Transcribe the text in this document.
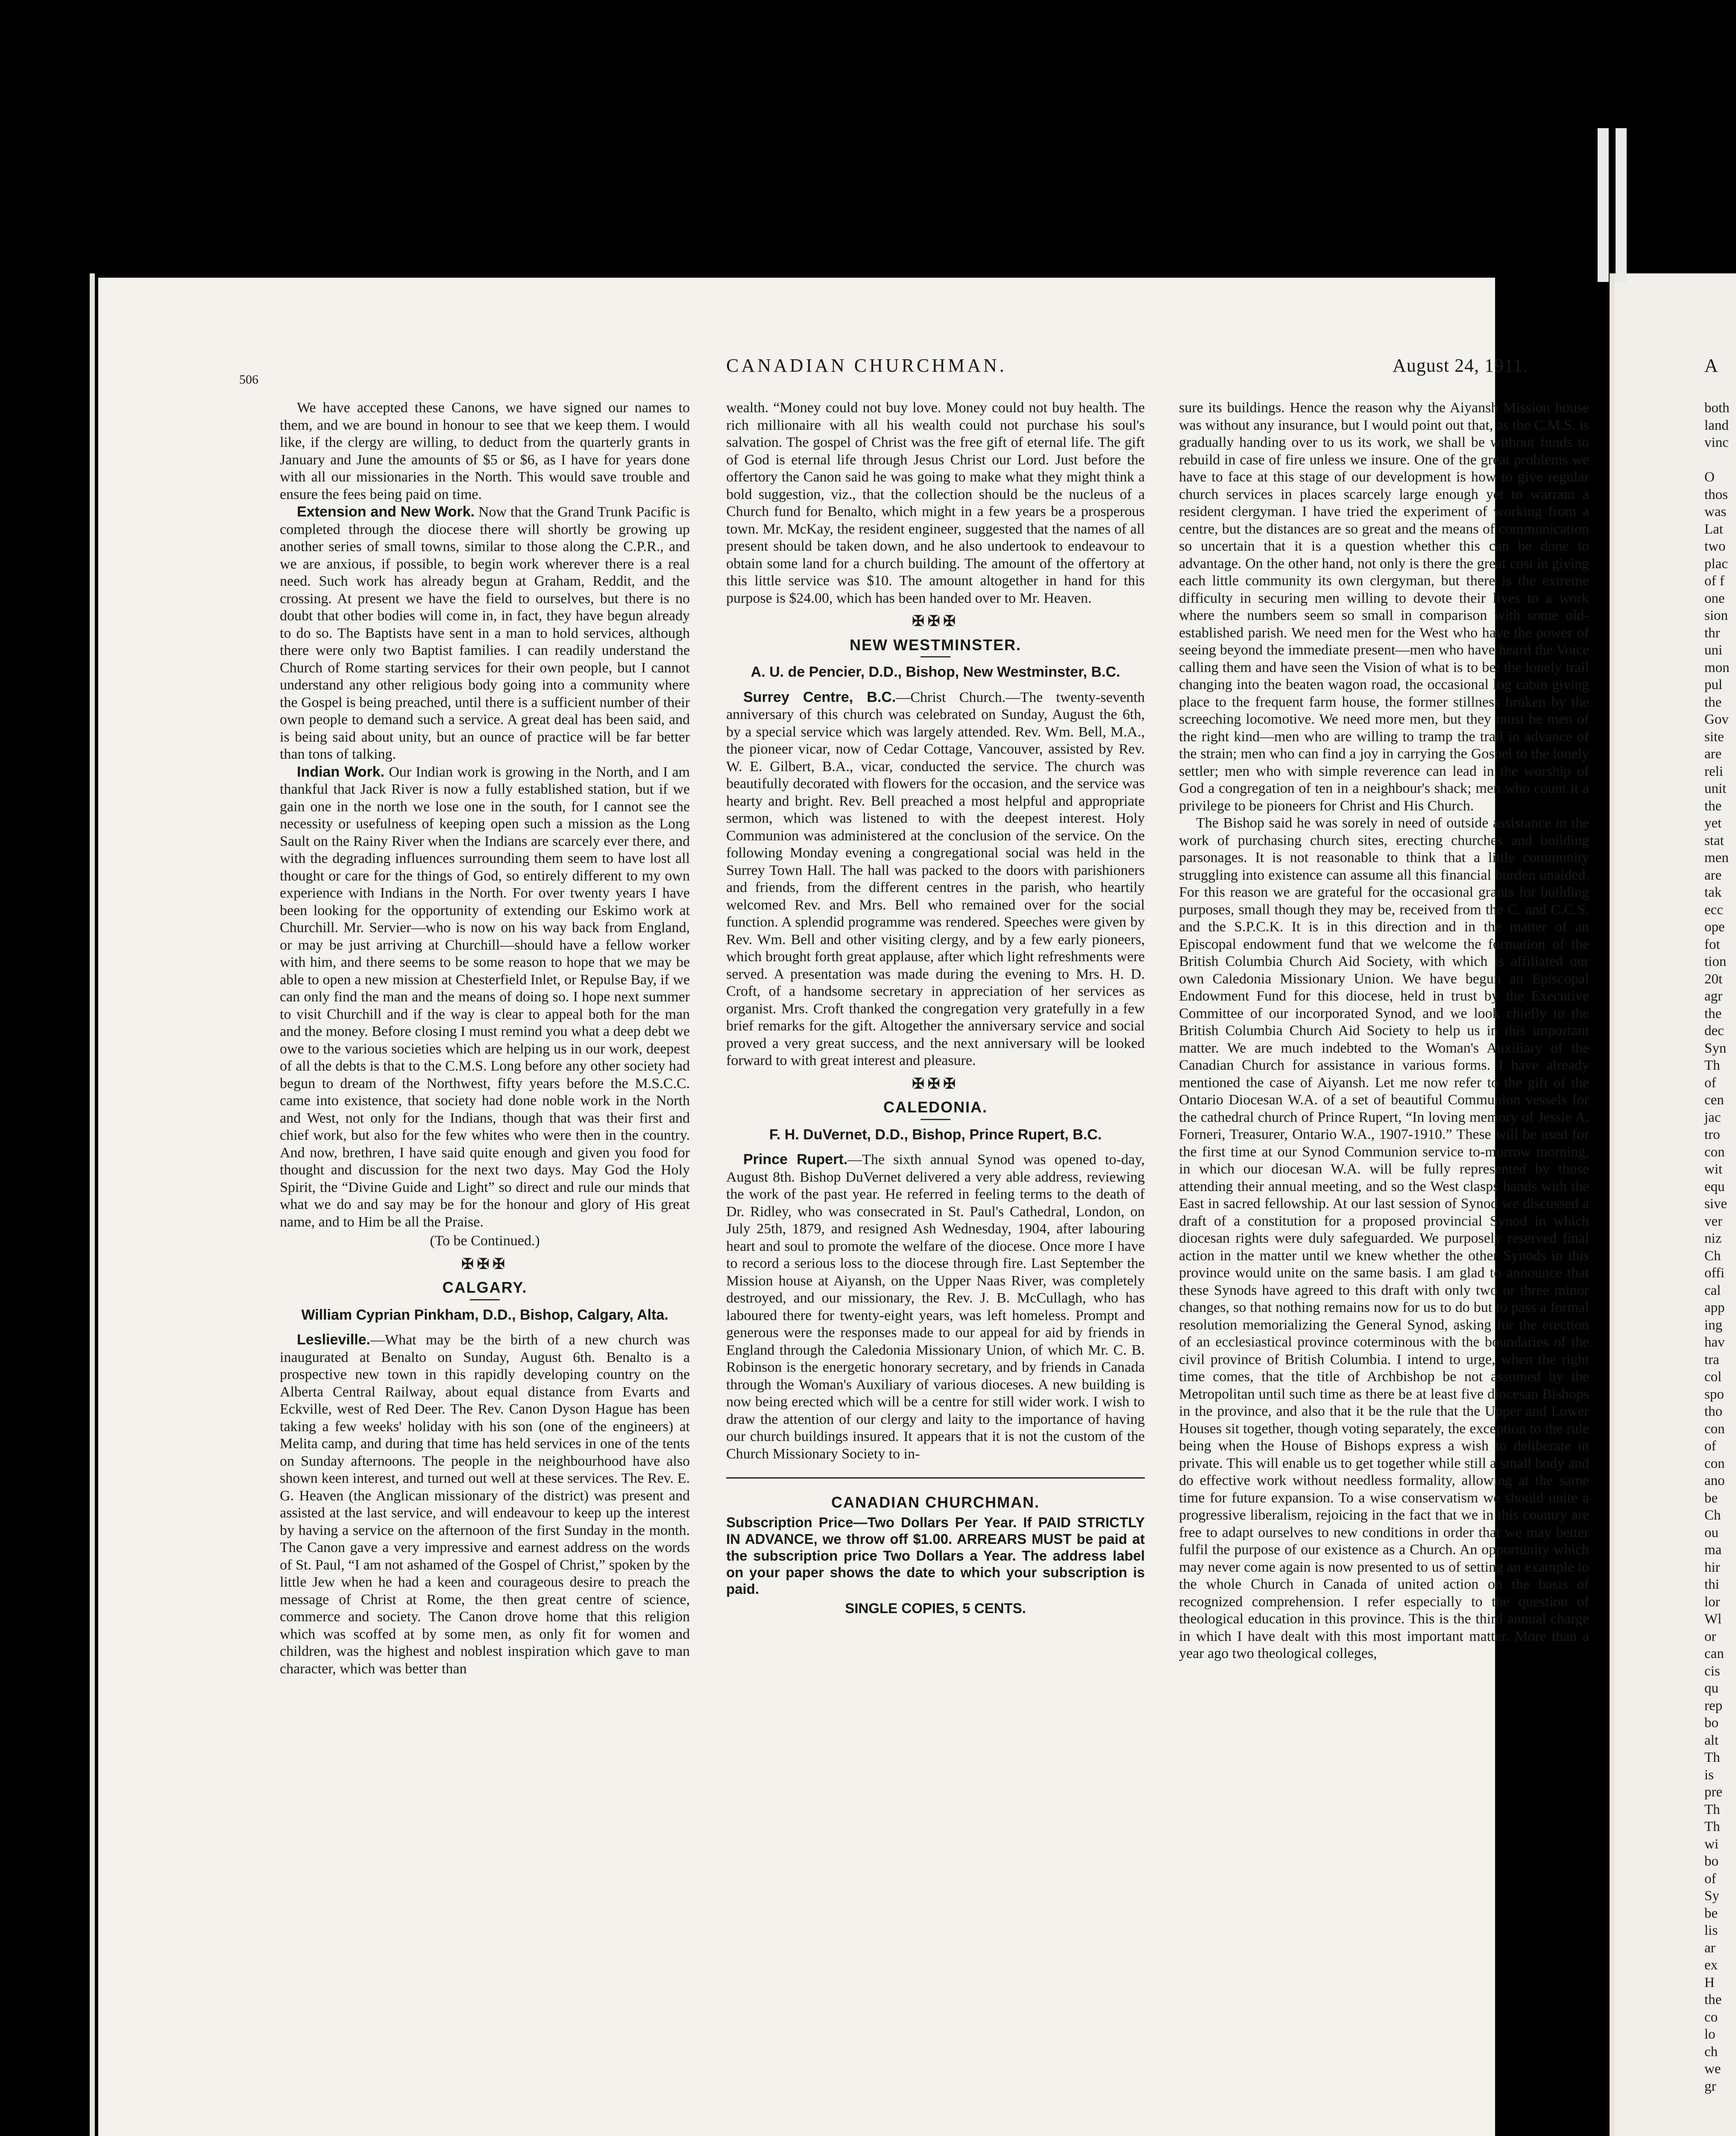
506
CANADIAN CHURCHMAN.	August 24, 1911.	A

We have accepted these Canons, we have signed our names to them, and we are bound in honour to see that we keep them. I would like, if the clergy are willing, to deduct from the quarterly grants in January and June the amounts of $5 or $6, as I have for years done with all our missionaries in the North. This would save trouble and ensure the fees being paid on time.

Extension and New Work. Now that the Grand Trunk Pacific is completed through the diocese there will shortly be growing up another series of small towns, similar to those along the C.P.R., and we are anxious, if possible, to begin work wherever there is a real need. Such work has already begun at Graham, Reddit, and the crossing. At present we have the field to ourselves, but there is no doubt that other bodies will come in, in fact, they have begun already to do so. The Baptists have sent in a man to hold services, although there were only two Baptist families. I can readily understand the Church of Rome starting services for their own people, but I cannot understand any other religious body going into a community where the Gospel is being preached, until there is a sufficient number of their own people to demand such a service. A great deal has been said, and is being said about unity, but an ounce of practice will be far better than tons of talking.

Indian Work. Our Indian work is growing in the North, and I am thankful that Jack River is now a fully established station, but if we gain one in the north we lose one in the south, for I cannot see the necessity or usefulness of keeping open such a mission as the Long Sault on the Rainy River when the Indians are scarcely ever there, and with the degrading influences surrounding them seem to have lost all thought or care for the things of God, so entirely different to my own experience with Indians in the North. For over twenty years I have been looking for the opportunity of extending our Eskimo work at Churchill. Mr. Servier—who is now on his way back from England, or may be just arriving at Churchill—should have a fellow worker with him, and there seems to be some reason to hope that we may be able to open a new mission at Chesterfield Inlet, or Repulse Bay, if we can only find the man and the means of doing so. I hope next summer to visit Churchill and if the way is clear to appeal both for the man and the money. Before closing I must remind you what a deep debt we owe to the various societies which are helping us in our work, deepest of all the debts is that to the C.M.S. Long before any other society had begun to dream of the Northwest, fifty years before the M.S.C.C. came into existence, that society had done noble work in the North and West, not only for the Indians, though that was their first and chief work, but also for the few whites who were then in the country. And now, brethren, I have said quite enough and given you food for thought and discussion for the next two days. May God the Holy Spirit, the “Divine Guide and Light” so direct and rule our minds that what we do and say may be for the honour and glory of His great name, and to Him be all the Praise.

(To be Continued.)
✠✠✠
CALGARY.
William Cyprian Pinkham, D.D., Bishop, Calgary, Alta.

Leslieville.—What may be the birth of a new church was inaugurated at Benalto on Sunday, August 6th. Benalto is a prospective new town in this rapidly developing country on the Alberta Central Railway, about equal distance from Evarts and Eckville, west of Red Deer. The Rev. Canon Dyson Hague has been taking a few weeks' holiday with his son (one of the engineers) at Melita camp, and during that time has held services in one of the tents on Sunday afternoons. The people in the neighbourhood have also shown keen interest, and turned out well at these services. The Rev. E. G. Heaven (the Anglican missionary of the district) was present and assisted at the last service, and will endeavour to keep up the interest by having a service on the afternoon of the first Sunday in the month. The Canon gave a very impressive and earnest address on the words of St. Paul, “I am not ashamed of the Gospel of Christ,” spoken by the little Jew when he had a keen and courageous desire to preach the message of Christ at Rome, the then great centre of science, commerce and society. The Canon drove home that this religion which was scoffed at by some men, as only fit for women and children, was the highest and noblest inspiration which gave to man character, which was better than

wealth. “Money could not buy love. Money could not buy health. The rich millionaire with all his wealth could not purchase his soul's salvation. The gospel of Christ was the free gift of eternal life. The gift of God is eternal life through Jesus Christ our Lord. Just before the offertory the Canon said he was going to make what they might think a bold suggestion, viz., that the collection should be the nucleus of a Church fund for Benalto, which might in a few years be a prosperous town. Mr. McKay, the resident engineer, suggested that the names of all present should be taken down, and he also undertook to endeavour to obtain some land for a church building. The amount of the offertory at this little service was $10. The amount altogether in hand for this purpose is $24.00, which has been handed over to Mr. Heaven.

✠✠✠
NEW WESTMINSTER.
A. U. de Pencier, D.D., Bishop, New Westminster, B.C.

Surrey Centre, B.C.—Christ Church.—The twenty-seventh anniversary of this church was celebrated on Sunday, August the 6th, by a special service which was largely attended. Rev. Wm. Bell, M.A., the pioneer vicar, now of Cedar Cottage, Vancouver, assisted by Rev. W. E. Gilbert, B.A., vicar, conducted the service. The church was beautifully decorated with flowers for the occasion, and the service was hearty and bright. Rev. Bell preached a most helpful and appropriate sermon, which was listened to with the deepest interest. Holy Communion was administered at the conclusion of the service. On the following Monday evening a congregational social was held in the Surrey Town Hall. The hall was packed to the doors with parishioners and friends, from the different centres in the parish, who heartily welcomed Rev. and Mrs. Bell who remained over for the social function. A splendid programme was rendered. Speeches were given by Rev. Wm. Bell and other visiting clergy, and by a few early pioneers, which brought forth great applause, after which light refreshments were served. A presentation was made during the evening to Mrs. H. D. Croft, of a handsome secretary in appreciation of her services as organist. Mrs. Croft thanked the congregation very gratefully in a few brief remarks for the gift. Altogether the anniversary service and social proved a very great success, and the next anniversary will be looked forward to with great interest and pleasure.

✠✠✠
CALEDONIA.
F. H. DuVernet, D.D., Bishop, Prince Rupert, B.C.

Prince Rupert.—The sixth annual Synod was opened to-day, August 8th. Bishop DuVernet delivered a very able address, reviewing the work of the past year. He referred in feeling terms to the death of Dr. Ridley, who was consecrated in St. Paul's Cathedral, London, on July 25th, 1879, and resigned Ash Wednesday, 1904, after labouring heart and soul to promote the welfare of the diocese. Once more I have to record a serious loss to the diocese through fire. Last September the Mission house at Aiyansh, on the Upper Naas River, was completely destroyed, and our missionary, the Rev. J. B. McCullagh, who has laboured there for twenty-eight years, was left homeless. Prompt and generous were the responses made to our appeal for aid by friends in England through the Caledonia Missionary Union, of which Mr. C. B. Robinson is the energetic honorary secretary, and by friends in Canada through the Woman's Auxiliary of various dioceses. A new building is now being erected which will be a centre for still wider work. I wish to draw the attention of our clergy and laity to the importance of having our church buildings insured. It appears that it is not the custom of the Church Missionary Society to in-

CANADIAN CHURCHMAN.
Subscription Price—Two Dollars Per Year. If PAID STRICTLY IN ADVANCE, we throw off $1.00. ARREARS MUST be paid at the subscription price Two Dollars a Year. The address label on your paper shows the date to which your subscription is paid.
SINGLE COPIES, 5 CENTS.

sure its buildings. Hence the reason why the Aiyansh Mission house was without any insurance, but I would point out that, as the C.M.S. is gradually handing over to us its work, we shall be without funds to rebuild in case of fire unless we insure. One of the great problems we have to face at this stage of our development is how to give regular church services in places scarcely large enough yet to warrant a resident clergyman. I have tried the experiment of working from a centre, but the distances are so great and the means of communication so uncertain that it is a question whether this can be done to advantage. On the other hand, not only is there the great cost in giving each little community its own clergyman, but there is the extreme difficulty in securing men willing to devote their lives to a work where the numbers seem so small in comparison with some old-established parish. We need men for the West who have the power of seeing beyond the immediate present—men who have heard the Voice calling them and have seen the Vision of what is to be: the lonely trail changing into the beaten wagon road, the occasional log cabin giving place to the frequent farm house, the former stillness broken by the screeching locomotive. We need more men, but they must be men of the right kind—men who are willing to tramp the trail in advance of the strain; men who can find a joy in carrying the Gospel to the lonely settler; men who with simple reverence can lead in the worship of God a congregation of ten in a neighbour's shack; men who count it a privilege to be pioneers for Christ and His Church.

The Bishop said he was sorely in need of outside assistance in the work of purchasing church sites, erecting churches and building parsonages. It is not reasonable to think that a little community struggling into existence can assume all this financial burden unaided. For this reason we are grateful for the occasional grants for building purposes, small though they may be, received from the C. and C.C.S. and the S.P.C.K. It is in this direction and in the matter of an Episcopal endowment fund that we welcome the formation of the British Columbia Church Aid Society, with which is affiliated our own Caledonia Missionary Union. We have begun an Episcopal Endowment Fund for this diocese, held in trust by the Executive Committee of our incorporated Synod, and we look chiefly to the British Columbia Church Aid Society to help us in this important matter. We are much indebted to the Woman's Auxiliary of the Canadian Church for assistance in various forms. I have already mentioned the case of Aiyansh. Let me now refer to the gift of the Ontario Diocesan W.A. of a set of beautiful Communion vessels for the cathedral church of Prince Rupert, “In loving memory of Jessie A. Forneri, Treasurer, Ontario W.A., 1907-1910.” These will be used for the first time at our Synod Communion service to-morrow morning, in which our diocesan W.A. will be fully represented by those attending their annual meeting, and so the West clasps hands with the East in sacred fellowship. At our last session of Synod we discussed a draft of a constitution for a proposed provincial Synod in which diocesan rights were duly safeguarded. We purposely reserved final action in the matter until we knew whether the other Synods in this province would unite on the same basis. I am glad to announce that these Synods have agreed to this draft with only two or three minor changes, so that nothing remains now for us to do but to pass a formal resolution memorializing the General Synod, asking for the erection of an ecclesiastical province coterminous with the boundaries of the civil province of British Columbia. I intend to urge, when the right time comes, that the title of Archbishop be not assumed by the Metropolitan until such time as there be at least five diocesan Bishops in the province, and also that it be the rule that the Upper and Lower Houses sit together, though voting separately, the exception to the rule being when the House of Bishops express a wish to deliberate in private. This will enable us to get together while still a small body and do effective work without needless formality, allowing at the same time for future expansion. To a wise conservatism we should unite a progressive liberalism, rejoicing in the fact that we in this country are free to adapt ourselves to new conditions in order that we may better fulfil the purpose of our existence as a Church. An opportunity which may never come again is now presented to us of setting an example to the whole Church in Canada of united action on the basis of recognized comprehension. I refer especially to the question of theological education in this province. This is the third annual charge in which I have dealt with this most important matter. More than a year ago two theological colleges,

both
land
vinc

O
thos
was
Lat
two
plac
of f
one
sion
thr
uni
mon
pul
the
Gov
site
are
reli
unit
the
yet
stat
men
are
tak
ecc
ope
fot
tion
20t
agr
the
dec
Syn
Th
of
cen
jac
tro
con
wit
equ
sive
ver
niz
Ch
offi
cal
app
ing
hav
tra
col
spo
tho
con
of
con
ano
be
Ch
ou
ma
hir
thi
lor
Wl
or
can
cis
qu
rep
bo
alt
Th
is
pre
Th
Th
wi
bo
of
Sy
be
lis
ar
ex
H
the
co
lo
ch
we
gr
